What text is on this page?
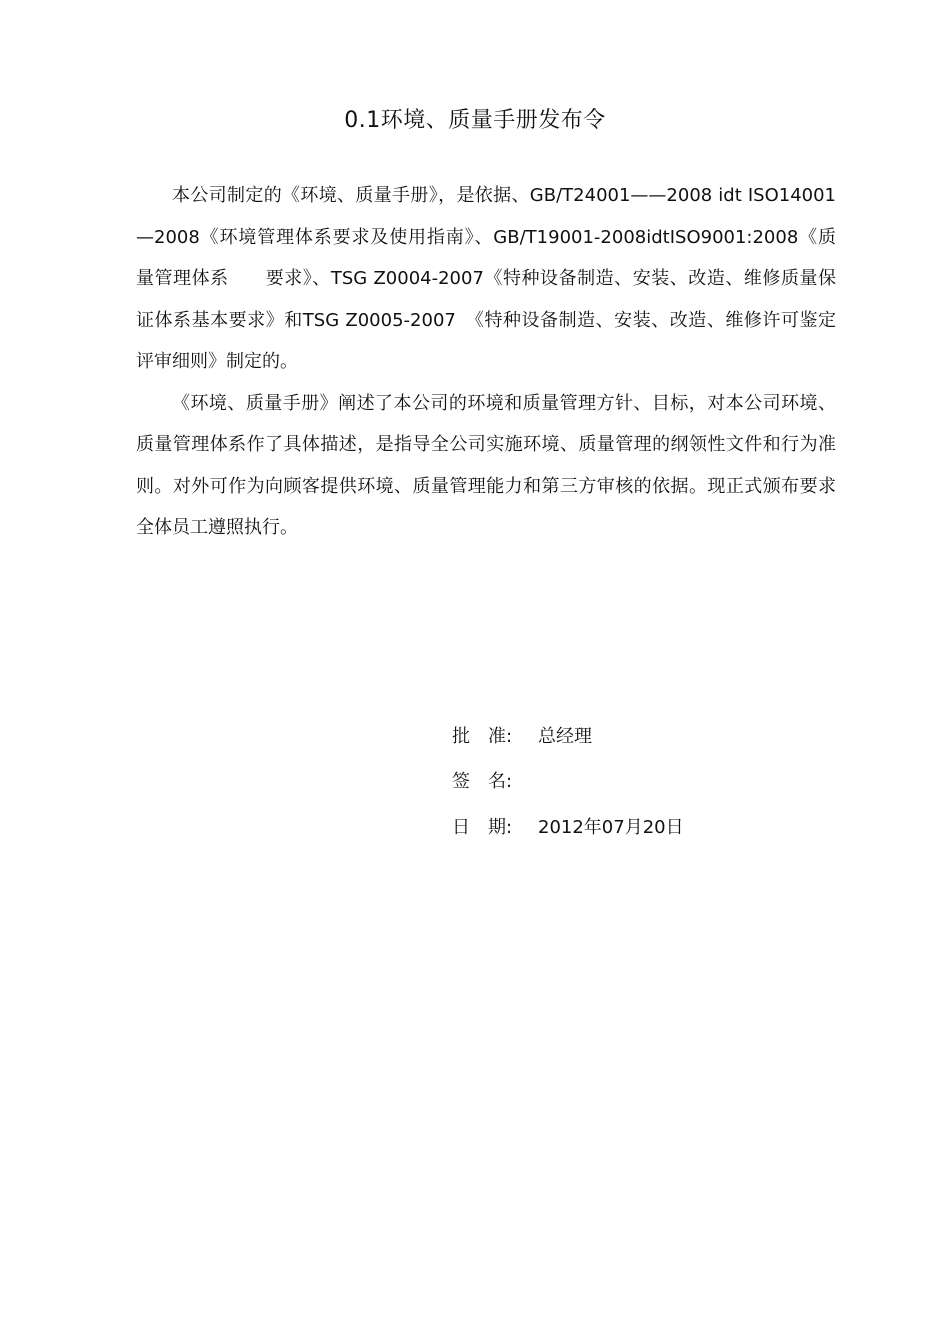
0.1环境、质量手册发布令

本公司制定的《环境、质量手册》，是依据、GB/T24001——2008 idt ISO14001—2008《环境管理体系要求及使用指南》、GB/T19001-2008idtISO9001:2008《质量管理体系　　要求》、TSG Z0004-2007《特种设备制造、安装、改造、维修质量保证体系基本要求》和TSG Z0005-2007　《特种设备制造、安装、改造、维修许可鉴定评审细则》制定的。

《环境、质量手册》阐述了本公司的环境和质量管理方针、目标，对本公司环境、质量管理体系作了具体描述，是指导全公司实施环境、质量管理的纲领性文件和行为准则。对外可作为向顾客提供环境、质量管理能力和第三方审核的依据。现正式颁布要求全体员工遵照执行。

批　准:	总经理
签　名:
日　期:	2012年07月20日
